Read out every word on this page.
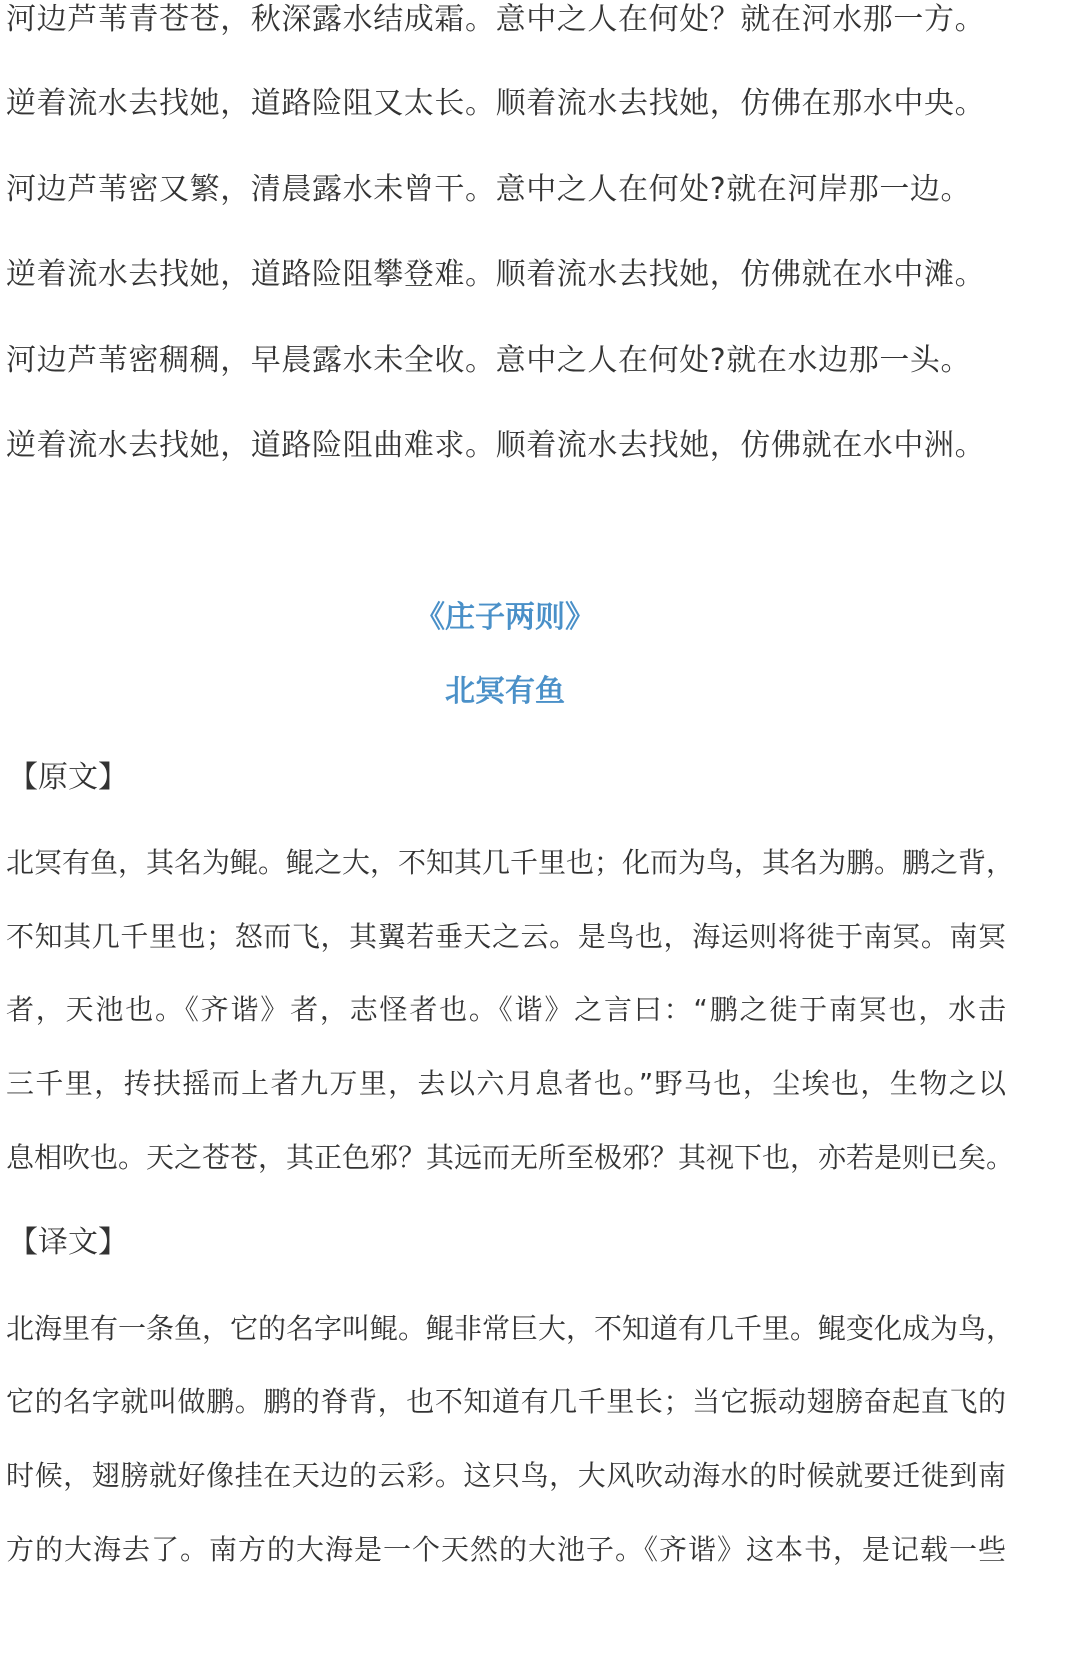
河边芦苇青苍苍，秋深露水结成霜。意中之人在何处？就在河水那一方。
逆着流水去找她，道路险阻又太长。顺着流水去找她，仿佛在那水中央。
河边芦苇密又繁，清晨露水未曾干。意中之人在何处?就在河岸那一边。
逆着流水去找她，道路险阻攀登难。顺着流水去找她，仿佛就在水中滩。
河边芦苇密稠稠，早晨露水未全收。意中之人在何处?就在水边那一头。
逆着流水去找她，道路险阻曲难求。顺着流水去找她，仿佛就在水中洲。
《庄子两则》
北冥有鱼
【原文】
北冥有鱼，其名为鲲。鲲之大，不知其几千里也；化而为鸟，其名为鹏。鹏之背，
不知其几千里也；怒而飞，其翼若垂天之云。是鸟也，海运则将徙于南冥。南冥
者，天池也。《齐谐》者，志怪者也。《谐》之言曰：“鹏之徙于南冥也，水击
三千里，抟扶摇而上者九万里，去以六月息者也。”野马也，尘埃也，生物之以
息相吹也。天之苍苍，其正色邪？其远而无所至极邪？其视下也，亦若是则已矣。
【译文】
北海里有一条鱼，它的名字叫鲲。鲲非常巨大，不知道有几千里。鲲变化成为鸟，
它的名字就叫做鹏。鹏的脊背，也不知道有几千里长；当它振动翅膀奋起直飞的
时候，翅膀就好像挂在天边的云彩。这只鸟，大风吹动海水的时候就要迁徙到南
方的大海去了。南方的大海是一个天然的大池子。《齐谐》这本书，是记载一些
